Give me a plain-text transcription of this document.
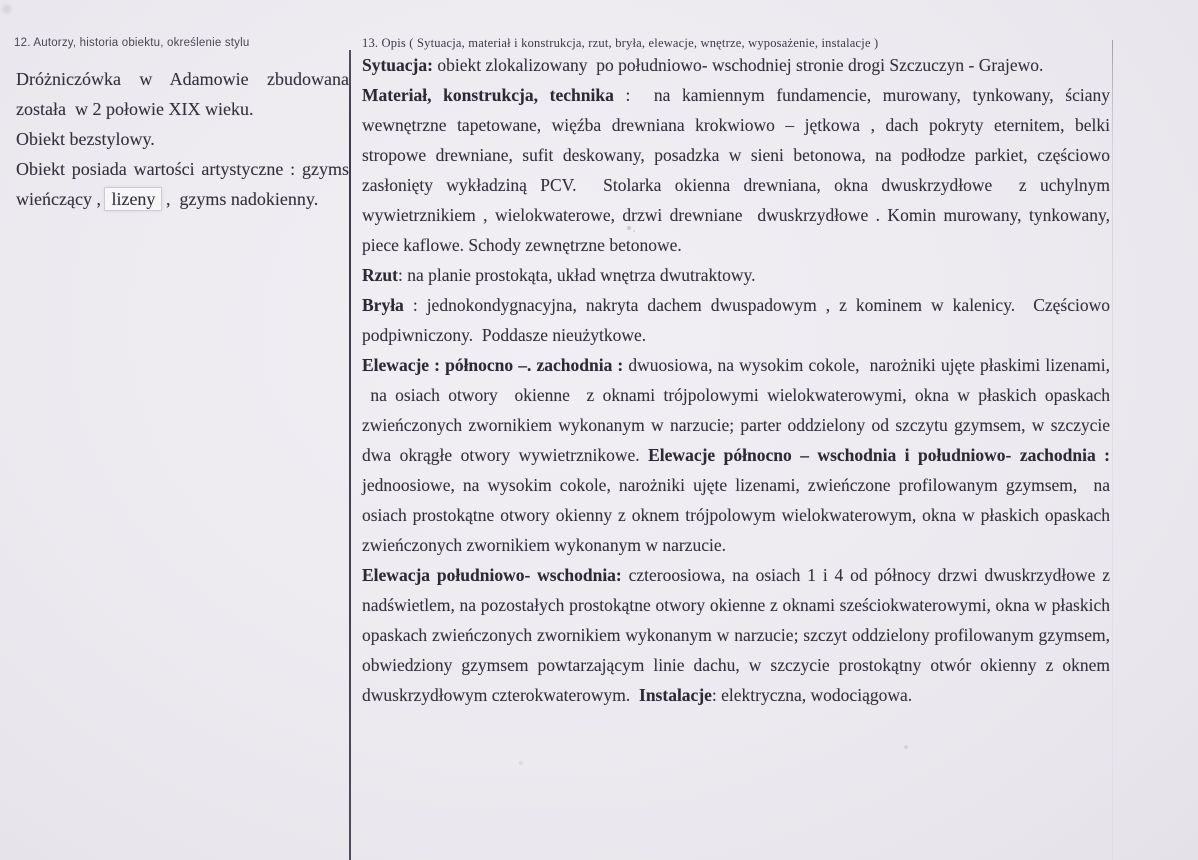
12. Autorzy, historia obiektu, określenie stylu

Dróżniczówka w Adamowie zbudowana została  w 2 połowie XIX wieku.

Obiekt bezstylowy.

Obiekt posiada wartości artystyczne : gzyms wieńczący , lizeny ,  gzyms nadokienny.

13. Opis ( Sytuacja, materiał i konstrukcja, rzut, bryła, elewacje, wnętrze, wyposażenie, instalacje )

Sytuacja: obiekt zlokalizowany  po południowo- wschodniej stronie drogi Szczuczyn - Grajewo.

Materiał, konstrukcja, technika :  na kamiennym fundamencie, murowany, tynkowany, ściany wewnętrzne tapetowane, więźba drewniana krokwiowo – jętkowa , dach pokryty eternitem, belki stropowe drewniane, sufit deskowany, posadzka w sieni betonowa, na podłodze parkiet, częściowo zasłonięty wykładziną PCV.  Stolarka okienna drewniana, okna dwuskrzydłowe  z uchylnym wywietrznikiem , wielokwaterowe, drzwi drewniane  dwuskrzydłowe . Komin murowany, tynkowany, piece kaflowe. Schody zewnętrzne betonowe.

Rzut: na planie prostokąta, układ wnętrza dwutraktowy.

Bryła : jednokondygnacyjna, nakryta dachem dwuspadowym , z kominem w kalenicy.  Częściowo podpiwniczony.  Poddasze nieużytkowe.

Elewacje : północno –. zachodnia : dwuosiowa, na wysokim cokole,  narożniki ujęte płaskimi lizenami,  na osiach otwory  okienne  z oknami trójpolowymi wielokwaterowymi, okna w płaskich opaskach zwieńczonych zwornikiem wykonanym w narzucie; parter oddzielony od szczytu gzymsem, w szczycie dwa okrągłe otwory wywietrznikowe. Elewacje północno – wschodnia i południowo- zachodnia : jednoosiowe, na wysokim cokole, narożniki ujęte lizenami, zwieńczone profilowanym gzymsem,  na osiach prostokątne otwory okienny z oknem trójpolowym wielokwaterowym, okna w płaskich opaskach zwieńczonych zwornikiem wykonanym w narzucie.

Elewacja południowo- wschodnia: czteroosiowa, na osiach 1 i 4 od północy drzwi dwuskrzydłowe z nadświetlem, na pozostałych prostokątne otwory okienne z oknami sześciokwaterowymi, okna w płaskich opaskach zwieńczonych zwornikiem wykonanym w narzucie; szczyt oddzielony profilowanym gzymsem, obwiedziony gzymsem powtarzającym linie dachu, w szczycie prostokątny otwór okienny z oknem dwuskrzydłowym czterokwaterowym.  Instalacje: elektryczna, wodociągowa.
